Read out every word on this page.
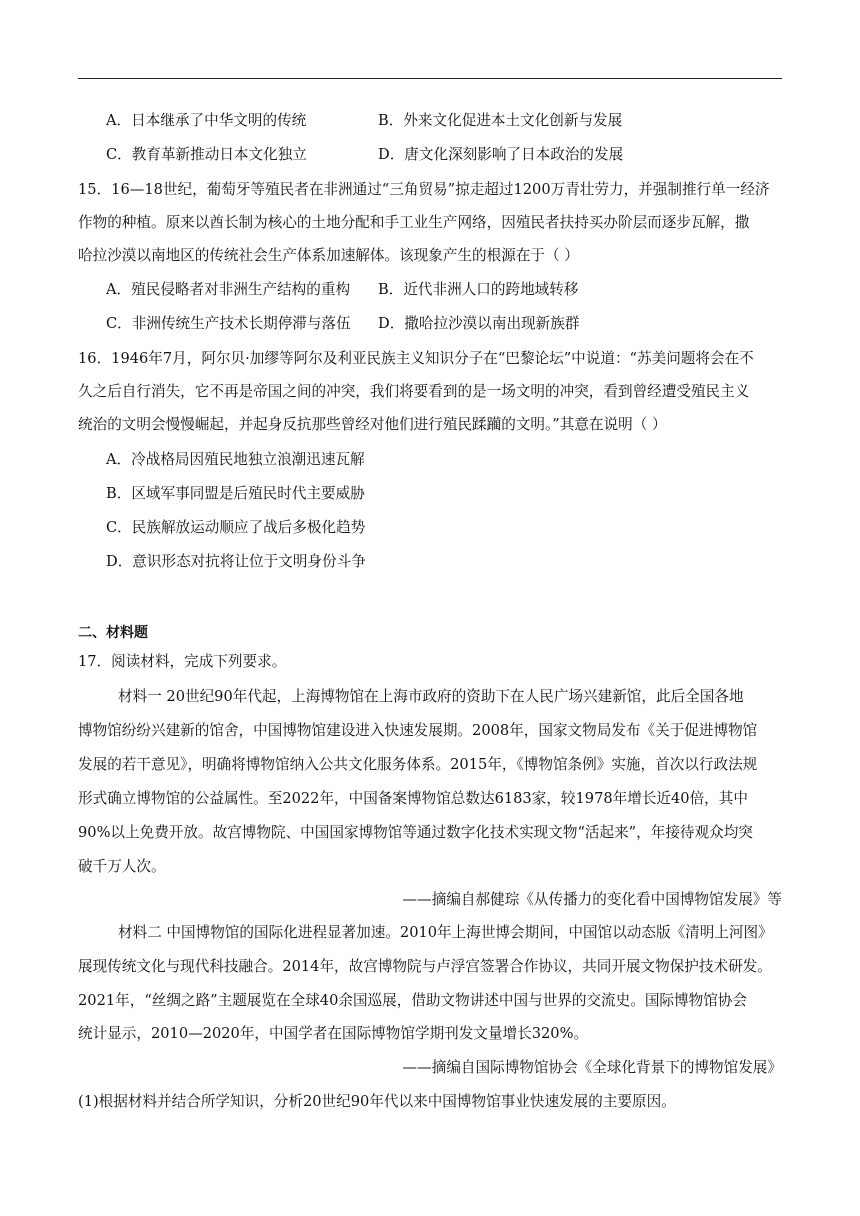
A．日本继承了中华文明的传统	B．外来文化促进本土文化创新与发展
C．教育革新推动日本文化独立	D．唐文化深刻影响了日本政治的发展
15．16—18世纪，葡萄牙等殖民者在非洲通过“三角贸易”掠走超过1200万青壮劳力，并强制推行单一经济
作物的种植。原来以酋长制为核心的土地分配和手工业生产网络，因殖民者扶持买办阶层而逐步瓦解，撒
哈拉沙漠以南地区的传统社会生产体系加速解体。该现象产生的根源在于（ ）
A．殖民侵略者对非洲生产结构的重构 B．近代非洲人口的跨地域转移
C．非洲传统生产技术长期停滞与落伍 D．撒哈拉沙漠以南出现新族群
16．1946年7月，阿尔贝·加缪等阿尔及利亚民族主义知识分子在“巴黎论坛”中说道：“苏美问题将会在不
久之后自行消失，它不再是帝国之间的冲突，我们将要看到的是一场文明的冲突，看到曾经遭受殖民主义
统治的文明会慢慢崛起，并起身反抗那些曾经对他们进行殖民蹂躏的文明。”其意在说明（ ）
A．冷战格局因殖民地独立浪潮迅速瓦解
B．区域军事同盟是后殖民时代主要威胁
C．民族解放运动顺应了战后多极化趋势
D．意识形态对抗将让位于文明身份斗争
二、材料题
17．阅读材料，完成下列要求。
材料一 20世纪90年代起，上海博物馆在上海市政府的资助下在人民广场兴建新馆，此后全国各地
博物馆纷纷兴建新的馆舍，中国博物馆建设进入快速发展期。2008年，国家文物局发布《关于促进博物馆
发展的若干意见》，明确将博物馆纳入公共文化服务体系。2015年，《博物馆条例》实施，首次以行政法规
形式确立博物馆的公益属性。至2022年，中国备案博物馆总数达6183家，较1978年增长近40倍，其中
90%以上免费开放。故宫博物院、中国国家博物馆等通过数字化技术实现文物“活起来”，年接待观众均突
破千万人次。
——摘编自郝健琮《从传播力的变化看中国博物馆发展》等
材料二 中国博物馆的国际化进程显著加速。2010年上海世博会期间，中国馆以动态版《清明上河图》
展现传统文化与现代科技融合。2014年，故宫博物院与卢浮宫签署合作协议，共同开展文物保护技术研发。
2021年，“丝绸之路”主题展览在全球40余国巡展，借助文物讲述中国与世界的交流史。国际博物馆协会
统计显示，2010—2020年，中国学者在国际博物馆学期刊发文量增长320%。
——摘编自国际博物馆协会《全球化背景下的博物馆发展》
(1)根据材料并结合所学知识，分析20世纪90年代以来中国博物馆事业快速发展的主要原因。
